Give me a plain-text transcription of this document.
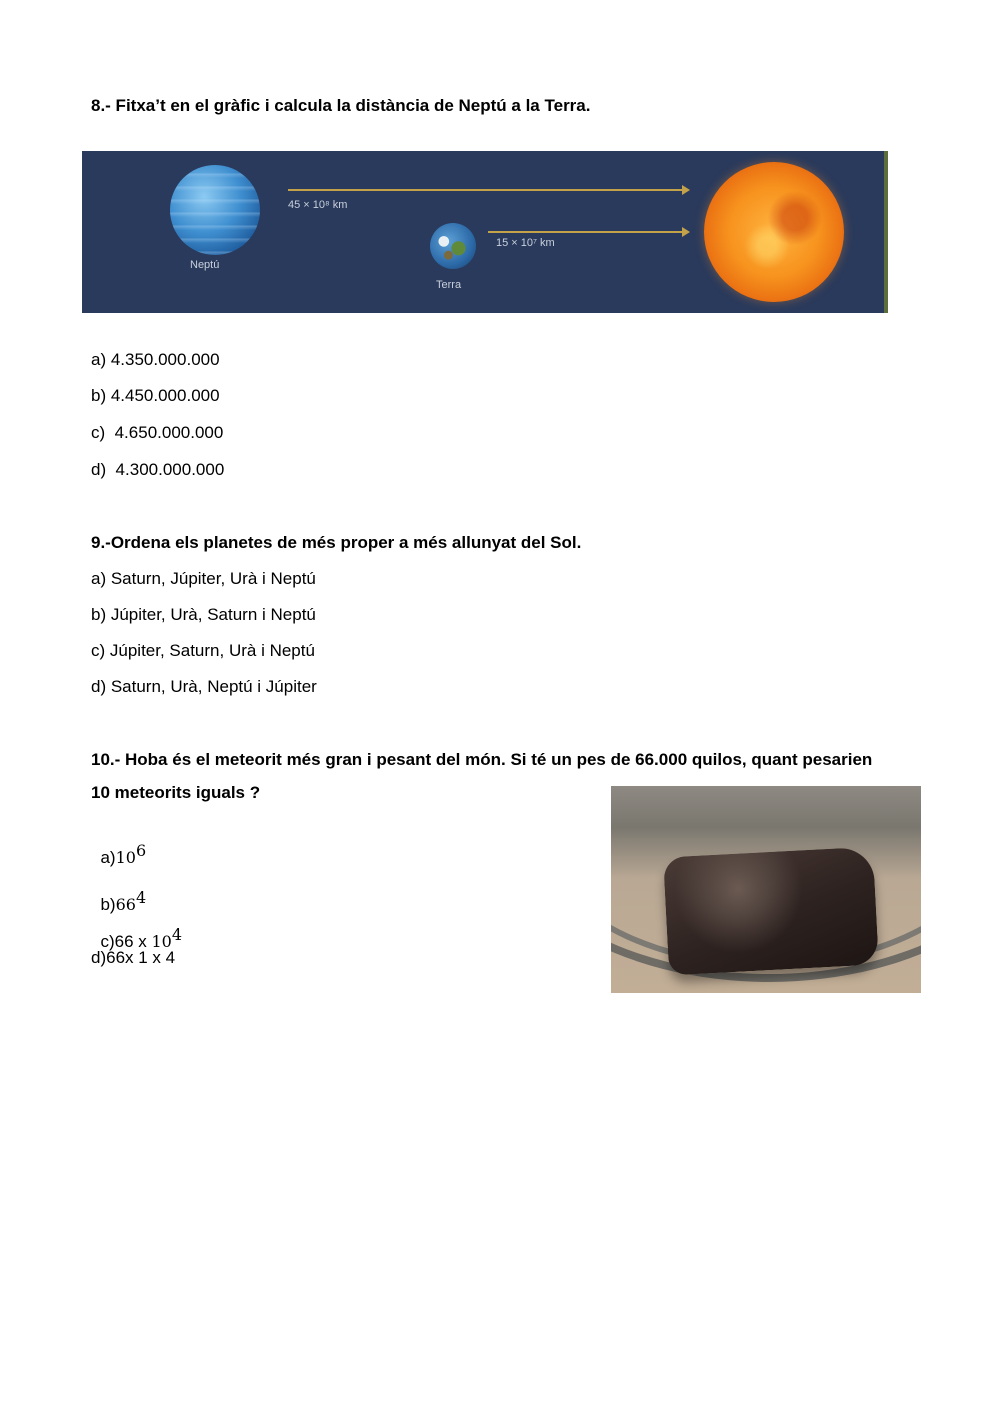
8.- Fitxa’t en el gràfic i calcula la distància de Neptú a la Terra.
Neptú
45 × 10⁸ km
Terra
15 × 10⁷ km
a) 4.350.000.000
b) 4.450.000.000
c)  4.650.000.000
d)  4.300.000.000
9.-Ordena els planetes de més proper a més allunyat del Sol.
a) Saturn, Júpiter, Urà i Neptú
b) Júpiter, Urà, Saturn i Neptú
c) Júpiter, Saturn, Urà i Neptú
d) Saturn, Urà, Neptú i Júpiter
10.- Hoba és el meteorit més gran i pesant del món. Si té un pes de 66.000 quilos, quant pesarien
10 meteorits iguals ?

$a)10^6$

$b)66^4$

c)66 x $10^4$

d)66x 1 x 4
